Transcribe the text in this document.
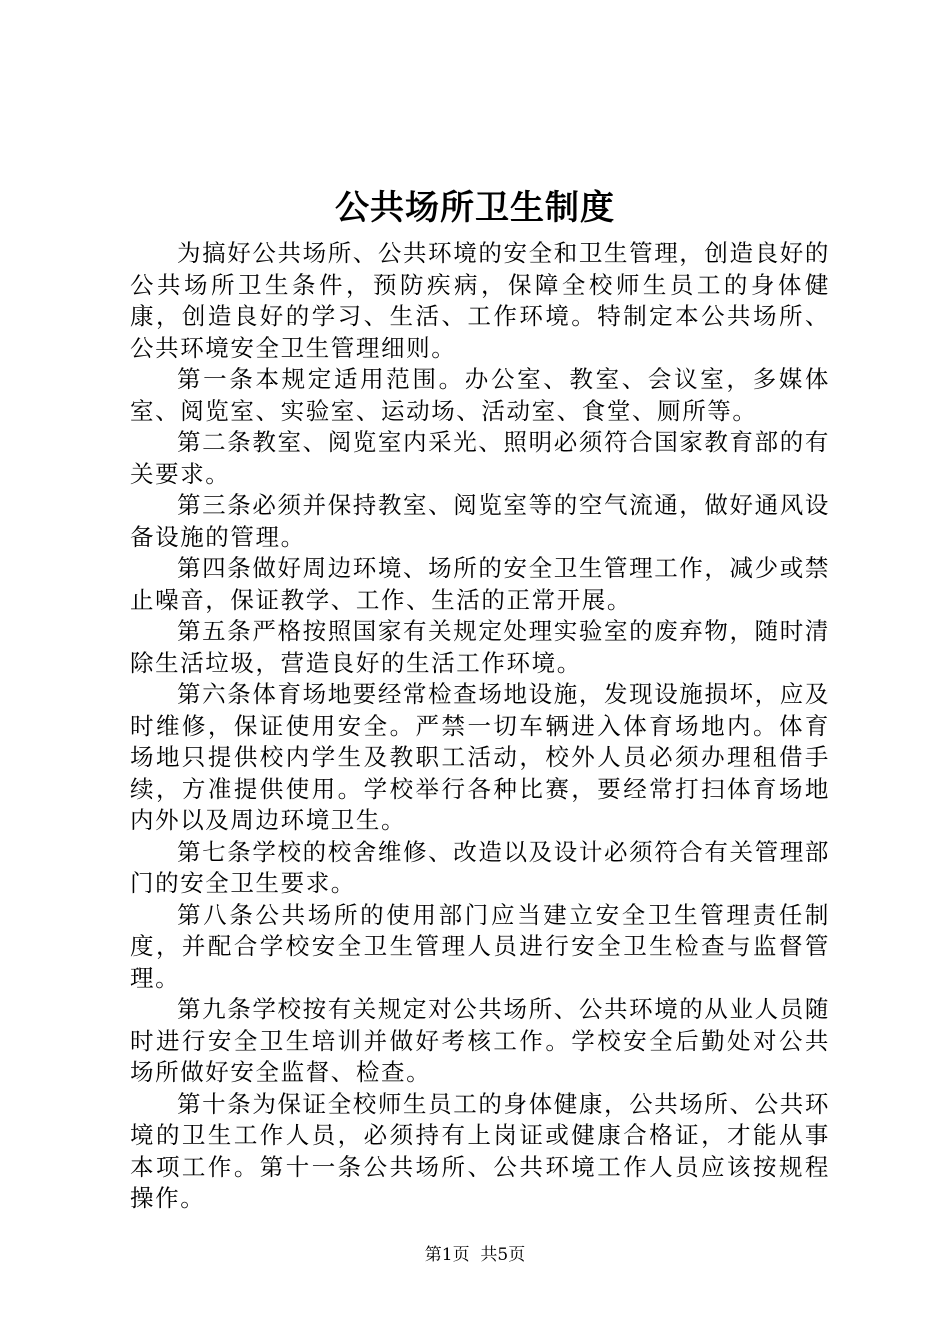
公共场所卫生制度

为搞好公共场所、公共环境的安全和卫生管理，创造良好的公共场所卫生条件，预防疾病，保障全校师生员工的身体健康，创造良好的学习、生活、工作环境。特制定本公共场所、公共环境安全卫生管理细则。

第一条本规定适用范围。办公室、教室、会议室，多媒体室、阅览室、实验室、运动场、活动室、食堂、厕所等。

第二条教室、阅览室内采光、照明必须符合国家教育部的有关要求。

第三条必须并保持教室、阅览室等的空气流通，做好通风设备设施的管理。

第四条做好周边环境、场所的安全卫生管理工作，减少或禁止噪音，保证教学、工作、生活的正常开展。

第五条严格按照国家有关规定处理实验室的废弃物，随时清除生活垃圾，营造良好的生活工作环境。

第六条体育场地要经常检查场地设施，发现设施损坏，应及时维修，保证使用安全。严禁一切车辆进入体育场地内。体育场地只提供校内学生及教职工活动，校外人员必须办理租借手续，方准提供使用。学校举行各种比赛，要经常打扫体育场地内外以及周边环境卫生。

第七条学校的校舍维修、改造以及设计必须符合有关管理部门的安全卫生要求。

第八条公共场所的使用部门应当建立安全卫生管理责任制度，并配合学校安全卫生管理人员进行安全卫生检查与监督管理。

第九条学校按有关规定对公共场所、公共环境的从业人员随时进行安全卫生培训并做好考核工作。学校安全后勤处对公共场所做好安全监督、检查。

第十条为保证全校师生员工的身体健康，公共场所、公共环境的卫生工作人员，必须持有上岗证或健康合格证，才能从事本项工作。第十一条公共场所、公共环境工作人员应该按规程操作。

第1页 共5页
